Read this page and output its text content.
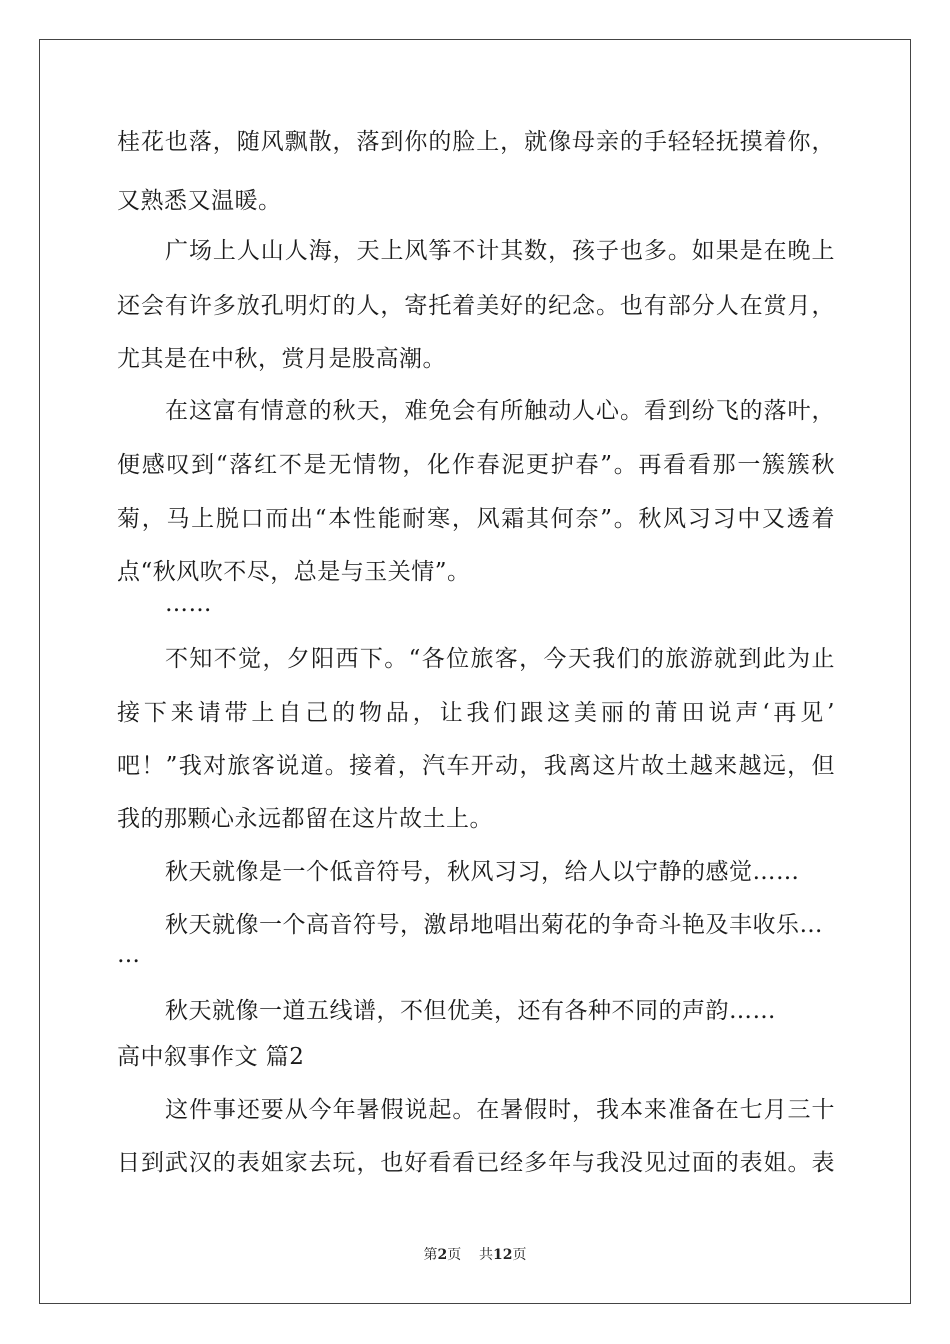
桂花也落，随风飘散，落到你的脸上，就像母亲的手轻轻抚摸着你，
又熟悉又温暖。
广场上人山人海，天上风筝不计其数，孩子也多。如果是在晚上
还会有许多放孔明灯的人，寄托着美好的纪念。也有部分人在赏月，
尤其是在中秋，赏月是股高潮。
在这富有情意的秋天，难免会有所触动人心。看到纷飞的落叶，
便感叹到“落红不是无情物，化作春泥更护春”。再看看那一簇簇秋
菊，马上脱口而出“本性能耐寒，风霜其何奈”。秋风习习中又透着
点“秋风吹不尽，总是与玉关情”。
……
不知不觉，夕阳西下。“各位旅客，今天我们的旅游就到此为止
接下来请带上自己的物品，让我们跟这美丽的莆田说声‘再见’
吧！”我对旅客说道。接着，汽车开动，我离这片故土越来越远，但
我的那颗心永远都留在这片故土上。
秋天就像是一个低音符号，秋风习习，给人以宁静的感觉……
秋天就像一个高音符号，激昂地唱出菊花的争奇斗艳及丰收乐…
…
秋天就像一道五线谱，不但优美，还有各种不同的声韵……
高中叙事作文 篇2
这件事还要从今年暑假说起。在暑假时，我本来准备在七月三十
日到武汉的表姐家去玩，也好看看已经多年与我没见过面的表姐。表
第2页 共12页
